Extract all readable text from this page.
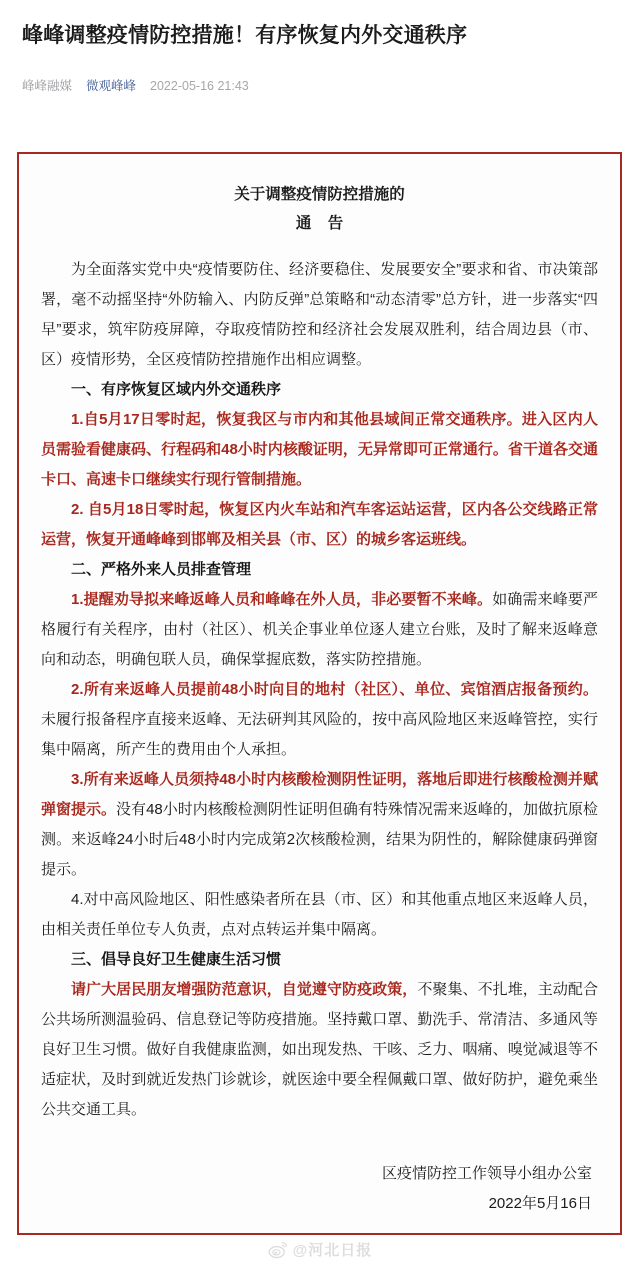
峰峰调整疫情防控措施！有序恢复内外交通秩序
峰峰融媒 微观峰峰 2022-05-16 21:43
关于调整疫情防控措施的
通 告

为全面落实党中央“疫情要防住、经济要稳住、发展要安全”要求和省、市决策部署，毫不动摇坚持“外防输入、内防反弹”总策略和“动态清零”总方针，进一步落实“四早”要求，筑牢防疫屏障，夺取疫情防控和经济社会发展双胜利，结合周边县（市、区）疫情形势，全区疫情防控措施作出相应调整。

一、有序恢复区域内外交通秩序

1.自5月17日零时起，恢复我区与市内和其他县域间正常交通秩序。进入区内人员需验看健康码、行程码和48小时内核酸证明，无异常即可正常通行。省干道各交通卡口、高速卡口继续实行现行管制措施。

2. 自5月18日零时起，恢复区内火车站和汽车客运站运营，区内各公交线路正常运营，恢复开通峰峰到邯郸及相关县（市、区）的城乡客运班线。

二、严格外来人员排查管理

1.提醒劝导拟来峰返峰人员和峰峰在外人员，非必要暂不来峰。如确需来峰要严格履行有关程序，由村（社区）、机关企事业单位逐人建立台账，及时了解来返峰意向和动态，明确包联人员，确保掌握底数，落实防控措施。

2.所有来返峰人员提前48小时向目的地村（社区）、单位、宾馆酒店报备预约。未履行报备程序直接来返峰、无法研判其风险的，按中高风险地区来返峰管控，实行集中隔离，所产生的费用由个人承担。

3.所有来返峰人员须持48小时内核酸检测阴性证明，落地后即进行核酸检测并赋弹窗提示。没有48小时内核酸检测阴性证明但确有特殊情况需来返峰的，加做抗原检测。来返峰24小时后48小时内完成第2次核酸检测，结果为阴性的，解除健康码弹窗提示。

4.对中高风险地区、阳性感染者所在县（市、区）和其他重点地区来返峰人员，由相关责任单位专人负责，点对点转运并集中隔离。

三、倡导良好卫生健康生活习惯

请广大居民朋友增强防范意识，自觉遵守防疫政策，不聚集、不扎堆，主动配合公共场所测温验码、信息登记等防疫措施。坚持戴口罩、勤洗手、常清洁、多通风等良好卫生习惯。做好自我健康监测，如出现发热、干咳、乏力、咽痛、嗅觉减退等不适症状，及时到就近发热门诊就诊，就医途中要全程佩戴口罩、做好防护，避免乘坐公共交通工具。

区疫情防控工作领导小组办公室
2022年5月16日
@河北日报
